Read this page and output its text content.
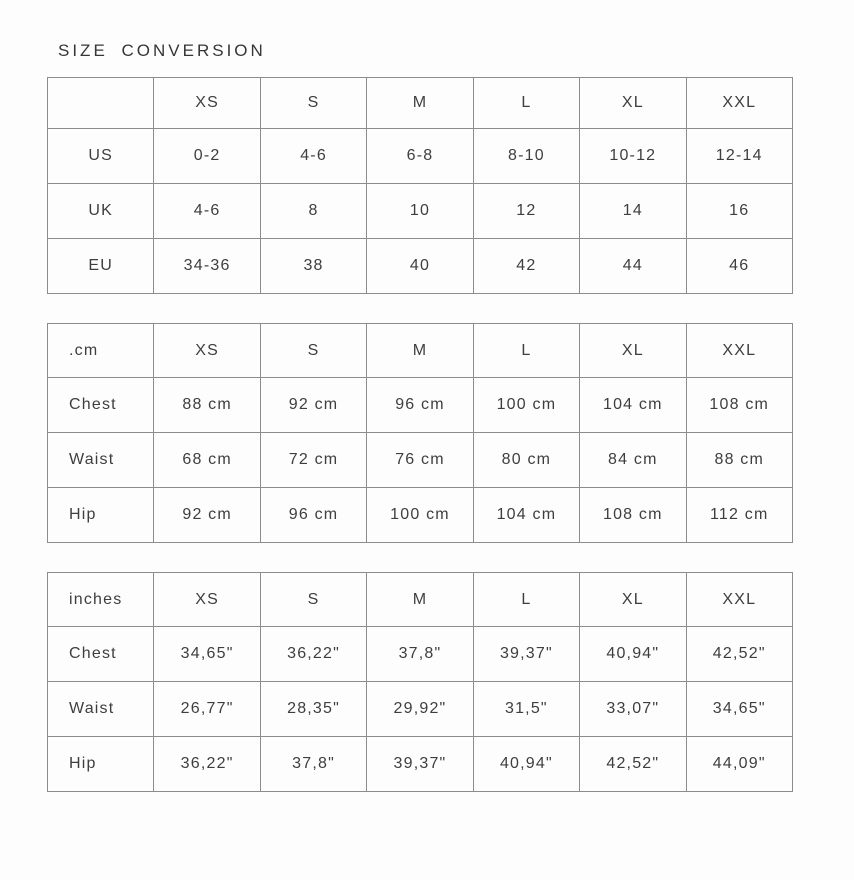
SIZE CONVERSION
	XS	S	M	L	XL	XXL
US	0-2	4-6	6-8	8-10	10-12	12-14
UK	4-6	8	10	12	14	16
EU	34-36	38	40	42	44	46
.cm	XS	S	M	L	XL	XXL
Chest	88 cm	92 cm	96 cm	100 cm	104 cm	108 cm
Waist	68 cm	72 cm	76 cm	80 cm	84 cm	88 cm
Hip	92 cm	96 cm	100 cm	104 cm	108 cm	112 cm
inches	XS	S	M	L	XL	XXL
Chest	34,65"	36,22"	37,8"	39,37"	40,94"	42,52"
Waist	26,77"	28,35"	29,92"	31,5"	33,07"	34,65"
Hip	36,22"	37,8"	39,37"	40,94"	42,52"	44,09"
